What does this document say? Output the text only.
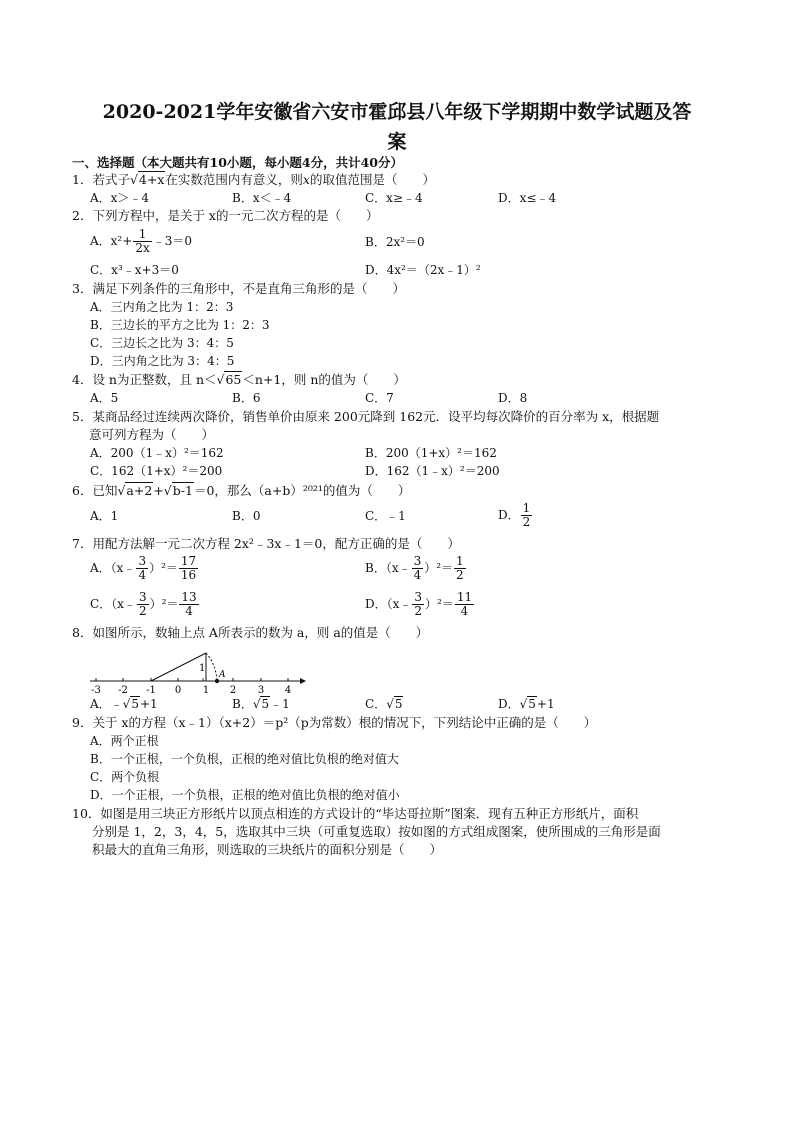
2020-2021学年安徽省六安市霍邱县八年级下学期期中数学试题及答
案
一、选择题（本大题共有10小题，每小题4分，共计40分）
1．若式子√4+x在实数范围内有意义，则x的取值范围是（　　）
A．x＞﹣4	B．x＜﹣4	C．x≥﹣4	D．x≤﹣4
2．下列方程中，是关于 x的一元二次方程的是（　　）
A．$x^2+ \frac{1}{2x}$ ﹣3＝0	B．2x²＝0
C．x³﹣x+3＝0	D．4x²＝（2x﹣1）²
3．满足下列条件的三角形中，不是直角三角形的是（　　）
A．三内角之比为 1：2：3
B．三边长的平方之比为 1：2：3
C．三边长之比为 3：4：5
D．三内角之比为 3：4：5
4．设 n为正整数，且 n＜√65＜n+1，则 n的值为（　　）
A．5	B．6	C．7	D．8
5．某商品经过连续两次降价，销售单价由原来 200元降到 162元．设平均每次降价的百分率为 x，根据题
意可列方程为（　　）
A．200（1﹣x）²＝162	B．200（1+x）²＝162
C．162（1+x）²＝200	D．162（1﹣x）²＝200
6．已知√a+2+√b-1＝0，那么（a+b）²⁰²¹的值为（　　）
A．1	B．0	C．﹣1	D． $\frac{1}{2}$
7．用配方法解一元二次方程 2x²﹣3x﹣1＝0，配方正确的是（　　）
A．（x﹣ $\frac{3}{4} )^2= \frac{17}{16}$	B．（x﹣ $\frac{3}{4} )^2= \frac{1}{2}$
C．（x﹣ $\frac{3}{2} )^2= \frac{13}{4}$	D．（x﹣ $\frac{3}{2} )^2= \frac{11}{4}$
8．如图所示，数轴上点 A所表示的数为 a，则 a的值是（　　）
1
A
-3 -2 -1 0 1 2 3 4
A．﹣√5+1	B．√5﹣1	C．√5	D．√5+1
9．关于 x的方程（x﹣1）（x+2）＝p²（p为常数）根的情况下，下列结论中正确的是（　　）
A．两个正根
B．一个正根，一个负根，正根的绝对值比负根的绝对值大
C．两个负根
D．一个正根，一个负根，正根的绝对值比负根的绝对值小
10．如图是用三块正方形纸片以顶点相连的方式设计的“毕达哥拉斯”图案．现有五种正方形纸片，面积
分别是 1，2，3，4，5，选取其中三块（可重复选取）按如图的方式组成图案，使所围成的三角形是面
积最大的直角三角形，则选取的三块纸片的面积分别是（　　）
